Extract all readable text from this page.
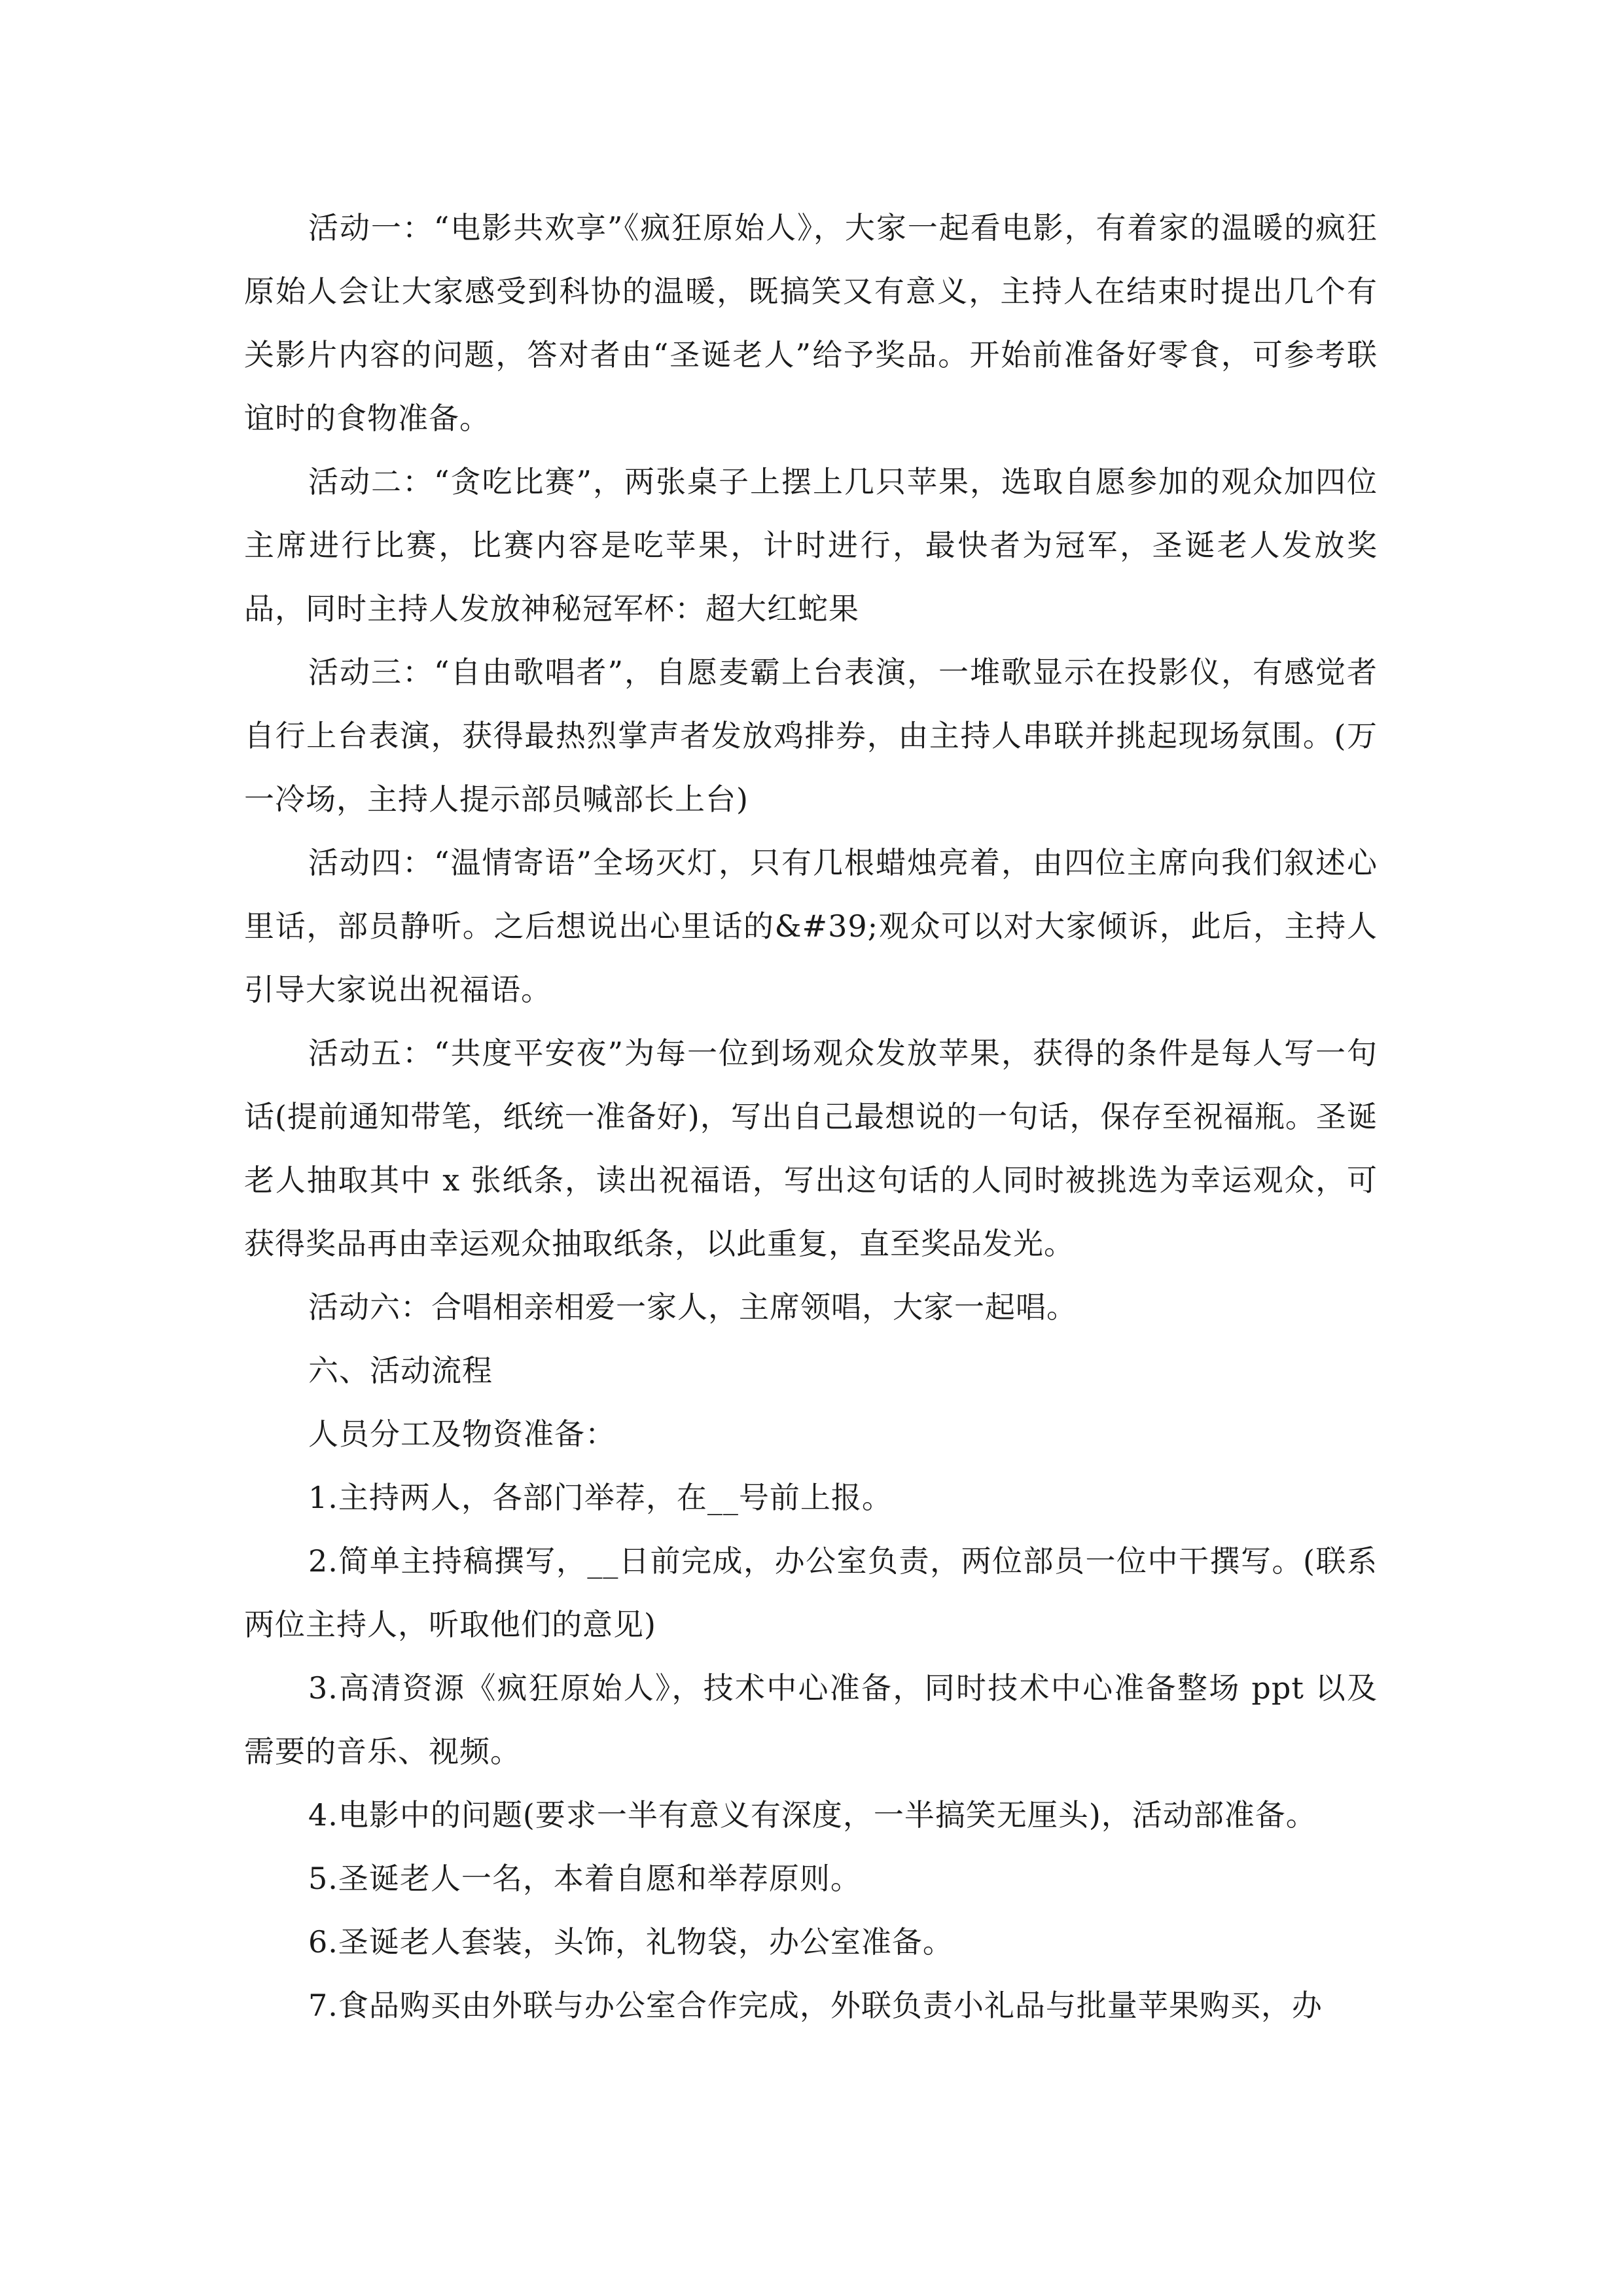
活动一：“电影共欢享”《疯狂原始人》，大家一起看电影，有着家的温暖的疯狂原始人会让大家感受到科协的温暖，既搞笑又有意义，主持人在结束时提出几个有关影片内容的问题，答对者由“圣诞老人”给予奖品。开始前准备好零食，可参考联谊时的食物准备。

活动二：“贪吃比赛”，两张桌子上摆上几只苹果，选取自愿参加的观众加四位主席进行比赛，比赛内容是吃苹果，计时进行，最快者为冠军，圣诞老人发放奖品，同时主持人发放神秘冠军杯：超大红蛇果

活动三：“自由歌唱者”，自愿麦霸上台表演，一堆歌显示在投影仪，有感觉者自行上台表演，获得最热烈掌声者发放鸡排券，由主持人串联并挑起现场氛围。(万一冷场，主持人提示部员喊部长上台)

活动四：“温情寄语”全场灭灯，只有几根蜡烛亮着，由四位主席向我们叙述心里话，部员静听。之后想说出心里话的&#39;观众可以对大家倾诉，此后，主持人引导大家说出祝福语。

活动五：“共度平安夜”为每一位到场观众发放苹果，获得的条件是每人写一句话(提前通知带笔，纸统一准备好)，写出自己最想说的一句话，保存至祝福瓶。圣诞老人抽取其中 x 张纸条，读出祝福语，写出这句话的人同时被挑选为幸运观众，可获得奖品再由幸运观众抽取纸条，以此重复，直至奖品发光。

活动六：合唱相亲相爱一家人，主席领唱，大家一起唱。

六、活动流程

人员分工及物资准备：

1.主持两人，各部门举荐，在__号前上报。

2.简单主持稿撰写，__日前完成，办公室负责，两位部员一位中干撰写。(联系两位主持人，听取他们的意见)

3.高清资源《疯狂原始人》，技术中心准备，同时技术中心准备整场 ppt 以及需要的音乐、视频。

4.电影中的问题(要求一半有意义有深度，一半搞笑无厘头)，活动部准备。

5.圣诞老人一名，本着自愿和举荐原则。

6.圣诞老人套装，头饰，礼物袋，办公室准备。

7.食品购买由外联与办公室合作完成，外联负责小礼品与批量苹果购买，办
